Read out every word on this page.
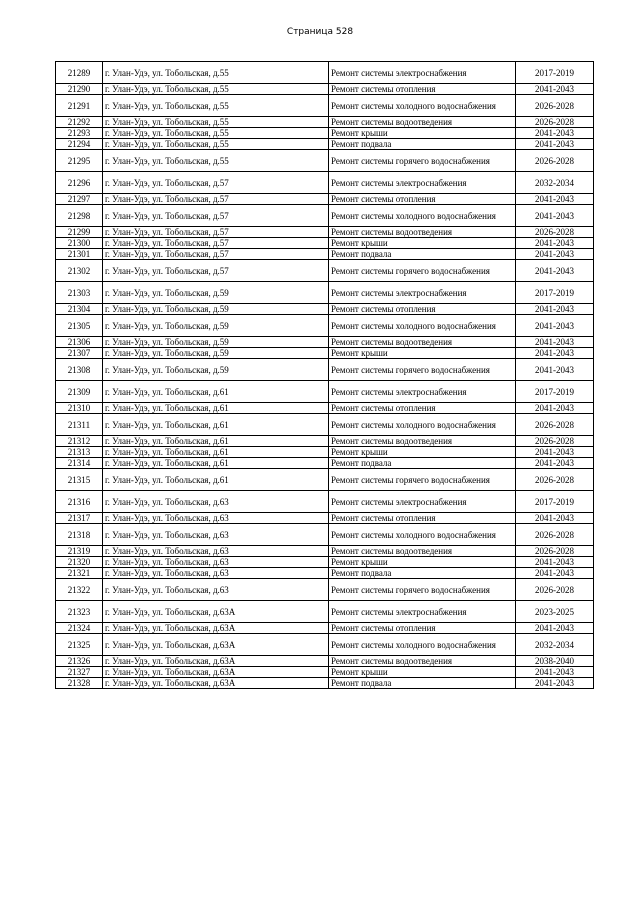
Страница 528
21289	г. Улан-Удэ, ул. Тобольская, д.55	Ремонт системы электроснабжения	2017-2019
21290	г. Улан-Удэ, ул. Тобольская, д.55	Ремонт системы отопления	2041-2043
21291	г. Улан-Удэ, ул. Тобольская, д.55	Ремонт системы холодного водоснабжения	2026-2028
21292	г. Улан-Удэ, ул. Тобольская, д.55	Ремонт системы водоотведения	2026-2028
21293	г. Улан-Удэ, ул. Тобольская, д.55	Ремонт крыши	2041-2043
21294	г. Улан-Удэ, ул. Тобольская, д.55	Ремонт подвала	2041-2043
21295	г. Улан-Удэ, ул. Тобольская, д.55	Ремонт системы горячего водоснабжения	2026-2028
21296	г. Улан-Удэ, ул. Тобольская, д.57	Ремонт системы электроснабжения	2032-2034
21297	г. Улан-Удэ, ул. Тобольская, д.57	Ремонт системы отопления	2041-2043
21298	г. Улан-Удэ, ул. Тобольская, д.57	Ремонт системы холодного водоснабжения	2041-2043
21299	г. Улан-Удэ, ул. Тобольская, д.57	Ремонт системы водоотведения	2026-2028
21300	г. Улан-Удэ, ул. Тобольская, д.57	Ремонт крыши	2041-2043
21301	г. Улан-Удэ, ул. Тобольская, д.57	Ремонт подвала	2041-2043
21302	г. Улан-Удэ, ул. Тобольская, д.57	Ремонт системы горячего водоснабжения	2041-2043
21303	г. Улан-Удэ, ул. Тобольская, д.59	Ремонт системы электроснабжения	2017-2019
21304	г. Улан-Удэ, ул. Тобольская, д.59	Ремонт системы отопления	2041-2043
21305	г. Улан-Удэ, ул. Тобольская, д.59	Ремонт системы холодного водоснабжения	2041-2043
21306	г. Улан-Удэ, ул. Тобольская, д.59	Ремонт системы водоотведения	2041-2043
21307	г. Улан-Удэ, ул. Тобольская, д.59	Ремонт крыши	2041-2043
21308	г. Улан-Удэ, ул. Тобольская, д.59	Ремонт системы горячего водоснабжения	2041-2043
21309	г. Улан-Удэ, ул. Тобольская, д.61	Ремонт системы электроснабжения	2017-2019
21310	г. Улан-Удэ, ул. Тобольская, д.61	Ремонт системы отопления	2041-2043
21311	г. Улан-Удэ, ул. Тобольская, д.61	Ремонт системы холодного водоснабжения	2026-2028
21312	г. Улан-Удэ, ул. Тобольская, д.61	Ремонт системы водоотведения	2026-2028
21313	г. Улан-Удэ, ул. Тобольская, д.61	Ремонт крыши	2041-2043
21314	г. Улан-Удэ, ул. Тобольская, д.61	Ремонт подвала	2041-2043
21315	г. Улан-Удэ, ул. Тобольская, д.61	Ремонт системы горячего водоснабжения	2026-2028
21316	г. Улан-Удэ, ул. Тобольская, д.63	Ремонт системы электроснабжения	2017-2019
21317	г. Улан-Удэ, ул. Тобольская, д.63	Ремонт системы отопления	2041-2043
21318	г. Улан-Удэ, ул. Тобольская, д.63	Ремонт системы холодного водоснабжения	2026-2028
21319	г. Улан-Удэ, ул. Тобольская, д.63	Ремонт системы водоотведения	2026-2028
21320	г. Улан-Удэ, ул. Тобольская, д.63	Ремонт крыши	2041-2043
21321	г. Улан-Удэ, ул. Тобольская, д.63	Ремонт подвала	2041-2043
21322	г. Улан-Удэ, ул. Тобольская, д.63	Ремонт системы горячего водоснабжения	2026-2028
21323	г. Улан-Удэ, ул. Тобольская, д.63А	Ремонт системы электроснабжения	2023-2025
21324	г. Улан-Удэ, ул. Тобольская, д.63А	Ремонт системы отопления	2041-2043
21325	г. Улан-Удэ, ул. Тобольская, д.63А	Ремонт системы холодного водоснабжения	2032-2034
21326	г. Улан-Удэ, ул. Тобольская, д.63А	Ремонт системы водоотведения	2038-2040
21327	г. Улан-Удэ, ул. Тобольская, д.63А	Ремонт крыши	2041-2043
21328	г. Улан-Удэ, ул. Тобольская, д.63А	Ремонт подвала	2041-2043
